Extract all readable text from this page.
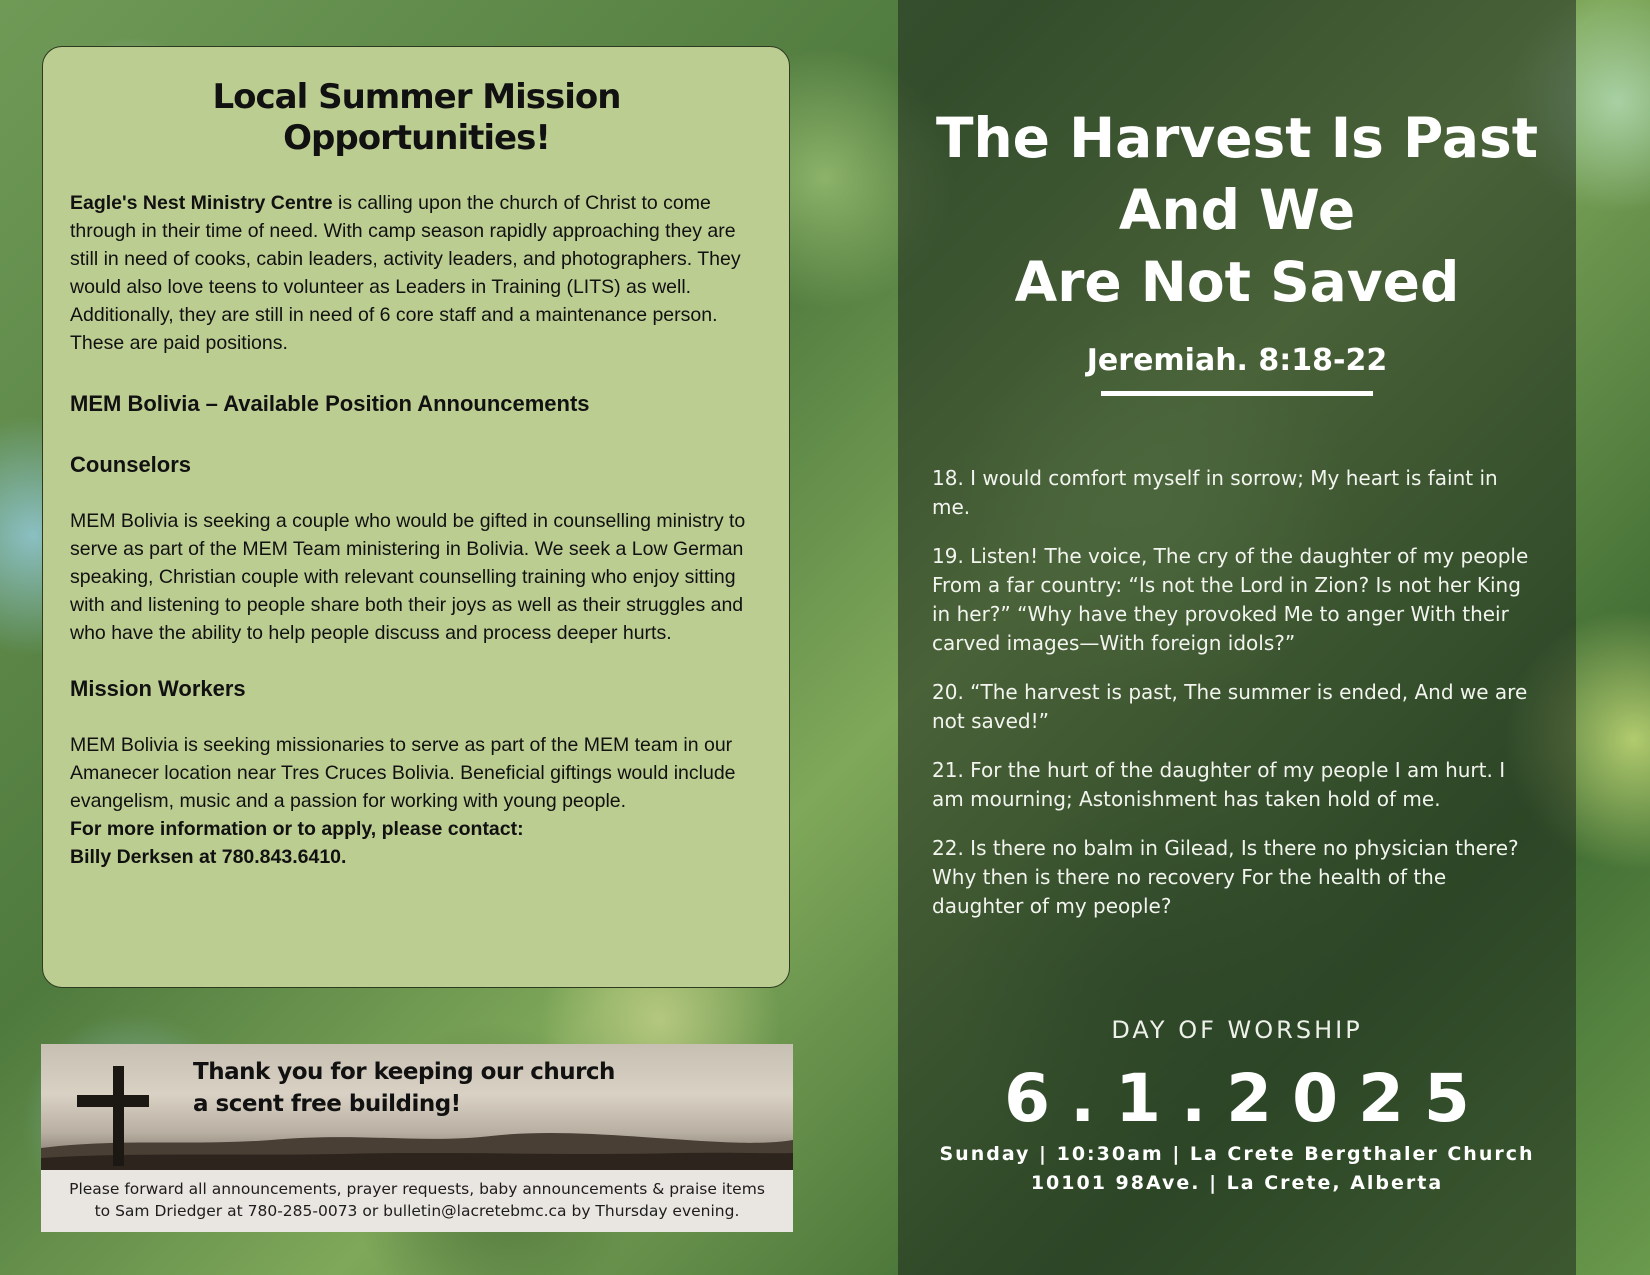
Local Summer Mission
Opportunities!

Eagle's Nest Ministry Centre is calling upon the church of Christ to come through in their time of need. With camp season rapidly approaching they are still in need of cooks, cabin leaders, activity leaders, and photographers. They would also love teens to volunteer as Leaders in Training (LITS) as well. Additionally, they are still in need of 6 core staff and a maintenance person. These are paid positions.

MEM Bolivia – Available Position Announcements
Counselors

MEM Bolivia is seeking a couple who would be gifted in counselling ministry to serve as part of the MEM Team ministering in Bolivia. We seek a Low German speaking, Christian couple with relevant counselling training who enjoy sitting with and listening to people share both their joys as well as their struggles and who have the ability to help people discuss and process deeper hurts.

Mission Workers

MEM Bolivia is seeking missionaries to serve as part of the MEM team in our Amanecer location near Tres Cruces Bolivia. Beneficial giftings would include evangelism, music and a passion for working with young people.

For more information or to apply, please contact:
Billy Derksen at 780.843.6410.

Thank you for keeping our church
a scent free building!

Please forward all announcements, prayer requests, baby announcements & praise items
to Sam Driedger at 780-285-0073 or bulletin@lacretebmc.ca by Thursday evening.
The Harvest Is Past
And We
Are Not Saved
Jeremiah. 8:18-22

18. I would comfort myself in sorrow; My heart is faint in me.

19. Listen! The voice, The cry of the daughter of my people From a far country: “Is not the Lord in Zion? Is not her King in her?” “Why have they provoked Me to anger With their carved images—With foreign idols?”

20. “The harvest is past, The summer is ended, And we are not saved!”

21. For the hurt of the daughter of my people I am hurt. I am mourning; Astonishment has taken hold of me.

22. Is there no balm in Gilead, Is there no physician there? Why then is there no recovery For the health of the daughter of my people?

DAY OF WORSHIP
6.1.2025
Sunday | 10:30am | La Crete Bergthaler Church
10101 98Ave. | La Crete, Alberta
